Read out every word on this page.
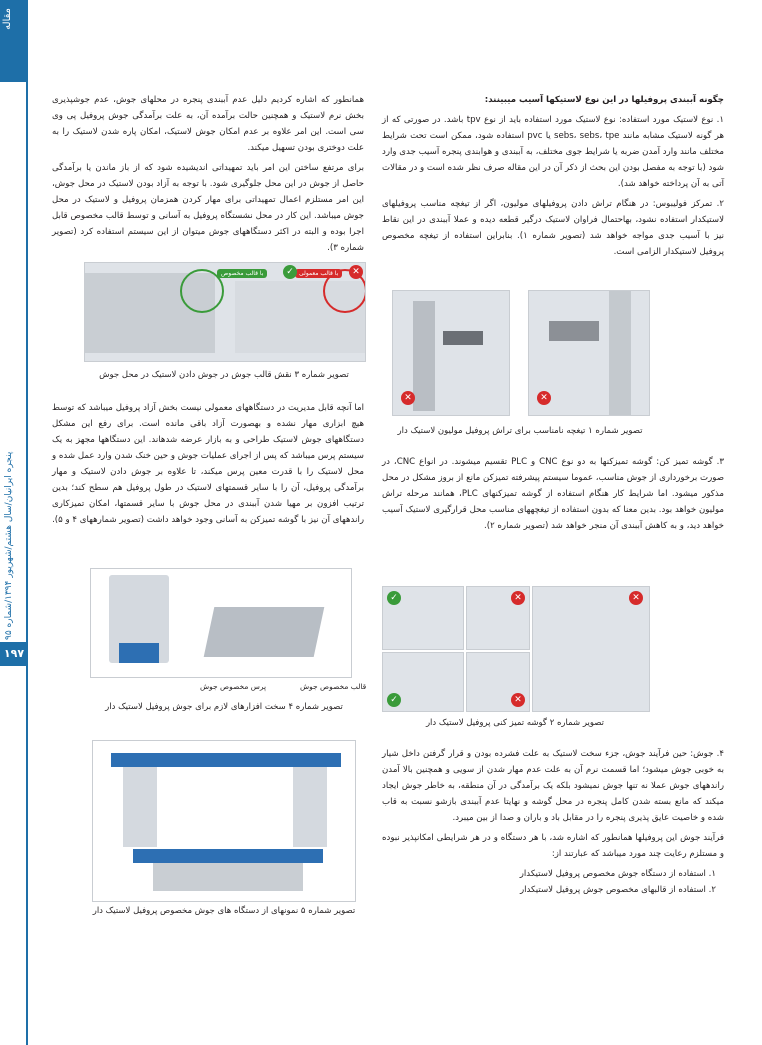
مقاله
پنجره ایرانیان/سال هشتم/شهریور ۱۳۹۴/شماره ۹۵
۱۹۷

چگونه آببندی پروفیلها در این نوع لاستیکها آسیب میبینند:

۱. نوع لاستیک مورد استفاده: نوع لاستیک مورد استفاده باید از نوع tpv باشد. در صورتی که از هر گونه لاستیک مشابه مانند sebs، sebs، tpe یا pvc استفاده شود، ممکن است تحت شرایط مختلف مانند وارد آمدن ضربه یا شرایط جوی مختلف، به آببندی و هوابندی پنجره آسیب جدی وارد شود (با توجه به مفصل بودن این بحث از ذکر آن در این مقاله صرف نظر شده است و در مقالات آتی به آن پرداخته خواهد شد).

۲. تمرکز فولیبوس: در هنگام تراش دادن پروفیلهای مولیون، اگر از تیغچه مناسب پروفیلهای لاستیکدار استفاده نشود، بهاحتمال فراوان لاستیک درگیر قطعه دیده و عملا آببندی در این نقاط نیز با آسیب جدی مواجه خواهد شد (تصویر شماره ۱). بنابراین استفاده از تیغچه مخصوص پروفیل لاستیکدار الزامی است.

✕	✕
تصویر شماره ۱ تیغچه نامناسب برای تراش پروفیل مولیون لاستیک دار

۳. گوشه تمیز کن: گوشه تمیزکنها به دو نوع CNC و PLC تقسیم میشوند. در انواع CNC، در صورت برخورداری از جوش مناسب، عموما سیستم پیشرفته تمیزکن مانع از بروز مشکل در محل مذکور میشود. اما شرایط کار هنگام استفاده از گوشه تمیزکنهای PLC، همانند مرحله تراش مولیون خواهد بود. بدین معنا که بدون استفاده از تیغچههای مناسب محل قرارگیری لاستیک آسیب خواهد دید، و به کاهش آببندی آن منجر خواهد شد (تصویر شماره ۲).

✓	✕	✕
✓	✕
تصویر شماره ۲ گوشه تمیز کنی پروفیل لاستیک دار

۴. جوش: حین فرآیند جوش، جزء سخت لاستیک به علت فشرده بودن و قرار گرفتن داخل شیار به خوبی جوش میشود؛ اما قسمت نرم آن به علت عدم مهار شدن از سویی و همچنین بالا آمدن راندههای جوش عملا نه تنها جوش نمیشود بلکه یک برآمدگی در آن منطقه، به خاطر جوش ایجاد میکند که مانع بسته شدن کامل پنجره در محل گوشه و نهایتا عدم آببندی بازشو نسبت به قاب شده و خاصیت عایق پذیری پنجره را در مقابل باد و باران و صدا از بین میبرد.

فرآیند جوش این پروفیلها همانطور که اشاره شد، با هر دستگاه و در هر شرایطی امکانپذیر نبوده و مستلزم رعایت چند مورد میباشد که عبارتند از:

۱. استفاده از دستگاه جوش مخصوص پروفیل لاستیکدار
۲. استفاده از قالبهای مخصوص جوش پروفیل لاستیکدار

همانطور که اشاره کردیم دلیل عدم آببندی پنجره در محلهای جوش، عدم جوشپذیری بخش نرم لاستیک و همچنین حالت برآمده آن، به علت برآمدگی جوش پروفیل پی وی سی است. این امر علاوه بر عدم امکان جوش لاستیک، امکان پاره شدن لاستیک را به علت دوختری بودن تسهیل میکند.

برای مرتفع ساختن این امر باید تمهیداتی اندیشیده شود که از باز ماندن یا برآمدگی حاصل از جوش در این محل جلوگیری شود. با توجه به آزاد بودن لاستیک در محل جوش، این امر مستلزم اعمال تمهیداتی برای مهار کردن همزمان پروفیل و لاستیک در محل جوش میباشد. این کار در محل نشستگاه پروفیل به آسانی و توسط قالب مخصوص قابل اجرا بوده و البته در اکثر دستگاههای جوش میتوان از این سیستم استفاده کرد (تصویر شماره ۳).

با قالب مخصوص	با قالب معمولی
✓	✕
تصویر شماره ۳ نقش قالب جوش در جوش دادن لاستیک در محل جوش

اما آنچه قابل مدیریت در دستگاههای معمولی نیست بخش آزاد پروفیل میباشد که توسط هیچ ابزاری مهار نشده و بهصورت آزاد باقی مانده است. برای رفع این مشکل دستگاههای جوش لاستیک طراحی و به بازار عرضه شدهاند. این دستگاهها مجهز به یک سیستم پرس میباشد که پس از اجرای عملیات جوش و حین خنک شدن وارد عمل شده و محل لاستیک را با قدرت معین پرس میکند، تا علاوه بر جوش دادن لاستیک و مهار برآمدگی پروفیل، آن را با سایر قسمتهای لاستیک در طول پروفیل هم سطح کند؛ بدین ترتیب افزون بر مهیا شدن آببندی در محل جوش با سایر قسمتها، امکان تمیزکاری راندههای آن نیز با گوشه تمیزکن به آسانی وجود خواهد داشت (تصویر شمارههای ۴ و ۵).

پرس مخصوص جوش	قالب مخصوص جوش
تصویر شماره ۴ سخت افزارهای لازم برای جوش پروفیل لاستیک دار
تصویر شماره ۵ نمونهای از دستگاه های جوش مخصوص پروفیل لاستیک دار
